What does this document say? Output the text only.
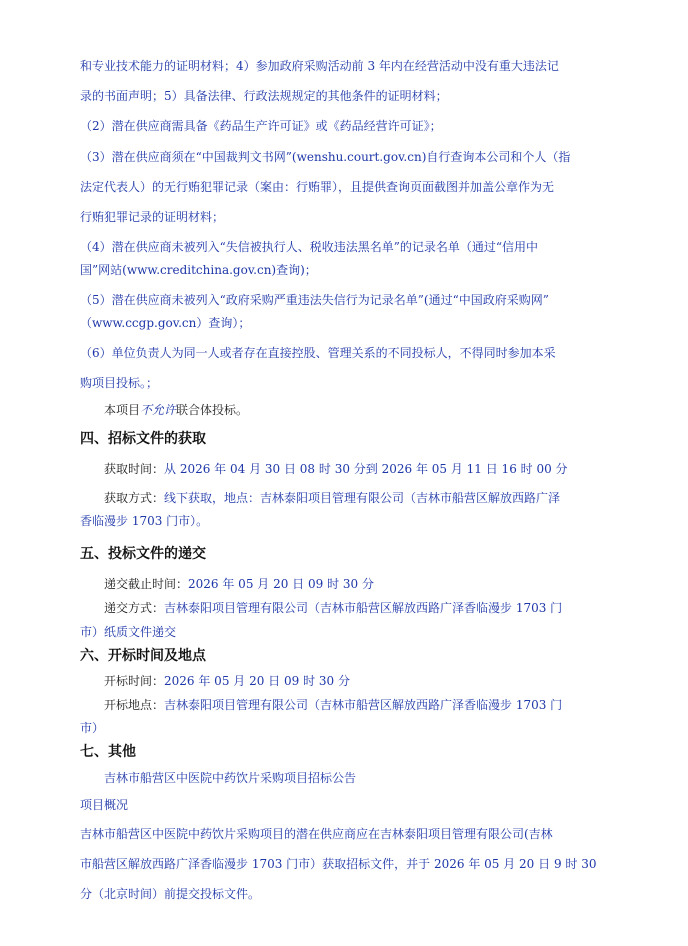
和专业技术能力的证明材料；4）参加政府采购活动前 3 年内在经营活动中没有重大违法记
录的书面声明；5）具备法律、行政法规规定的其他条件的证明材料；
（2）潜在供应商需具备《药品生产许可证》或《药品经营许可证》；
（3）潜在供应商须在“中国裁判文书网”(wenshu.court.gov.cn)自行查询本公司和个人（指
法定代表人）的无行贿犯罪记录（案由：行贿罪），且提供查询页面截图并加盖公章作为无
行贿犯罪记录的证明材料；
（4）潜在供应商未被列入“失信被执行人、税收违法黑名单”的记录名单（通过“信用中
国”网站(www.creditchina.gov.cn)查询)；
（5）潜在供应商未被列入“政府采购严重违法失信行为记录名单”(通过“中国政府采购网”
（www.ccgp.gov.cn）查询）；
（6）单位负责人为同一人或者存在直接控股、管理关系的不同投标人，不得同时参加本采
购项目投标。；
本项目不允许联合体投标。
四、招标文件的获取
获取时间：从 2026 年 04 月 30 日 08 时 30 分到 2026 年 05 月 11 日 16 时 00 分
获取方式：线下获取，地点：吉林泰阳项目管理有限公司（吉林市船营区解放西路广泽
香临漫步 1703 门市）。
五、投标文件的递交
递交截止时间：2026 年 05 月 20 日 09 时 30 分
递交方式：吉林泰阳项目管理有限公司（吉林市船营区解放西路广泽香临漫步 1703 门
市）纸质文件递交
六、开标时间及地点
开标时间：2026 年 05 月 20 日 09 时 30 分
开标地点：吉林泰阳项目管理有限公司（吉林市船营区解放西路广泽香临漫步 1703 门
市）
七、其他
吉林市船营区中医院中药饮片采购项目招标公告
项目概况
吉林市船营区中医院中药饮片采购项目的潜在供应商应在吉林泰阳项目管理有限公司(吉林
市船营区解放西路广泽香临漫步 1703 门市）获取招标文件，并于 2026 年 05 月 20 日 9 时 30
分（北京时间）前提交投标文件。
